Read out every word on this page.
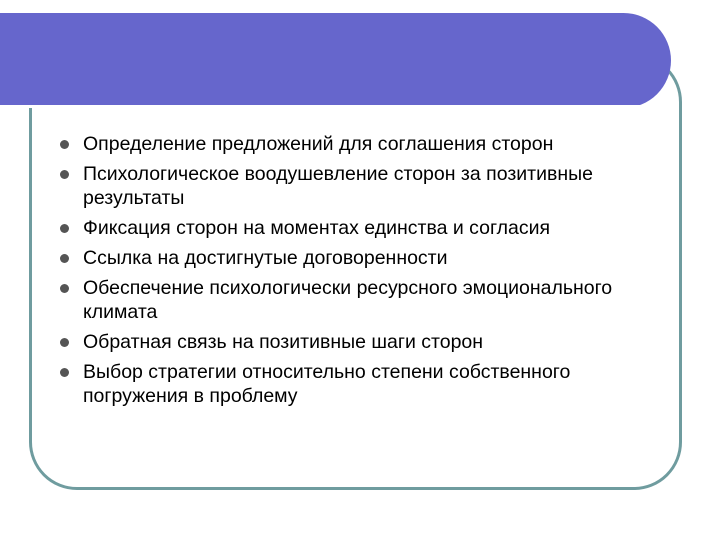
Определение предложений для соглашения сторон
Психологическое воодушевление сторон за позитивные результаты
Фиксация сторон на моментах единства и согласия
Ссылка на достигнутые договоренности
Обеспечение психологически ресурсного эмоционального климата
Обратная связь на позитивные шаги сторон
Выбор стратегии относительно степени собственного погружения в проблему
